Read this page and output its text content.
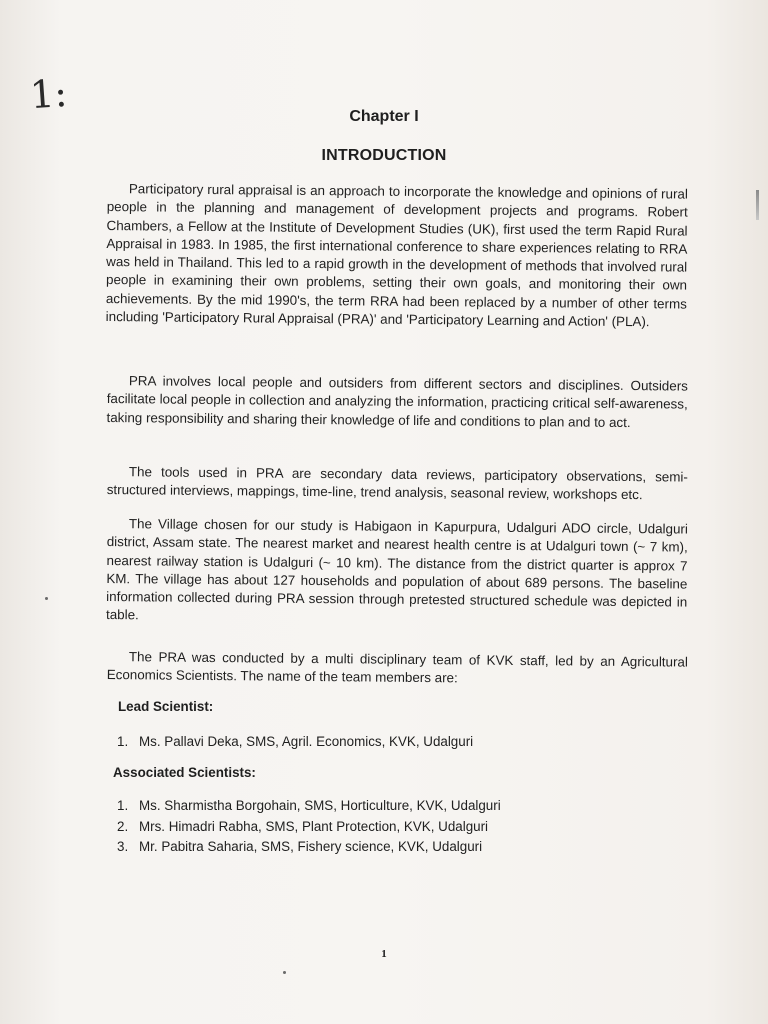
1:	Chapter I
INTRODUCTION

Participatory rural appraisal is an approach to incorporate the knowledge and opinions of rural people in the planning and management of development projects and programs. Robert Chambers, a Fellow at the Institute of Development Studies (UK), first used the term Rapid Rural Appraisal in 1983. In 1985, the first international conference to share experiences relating to RRA was held in Thailand. This led to a rapid growth in the development of methods that involved rural people in examining their own problems, setting their own goals, and monitoring their own achievements. By the mid 1990's, the term RRA had been replaced by a number of other terms including 'Participatory Rural Appraisal (PRA)' and 'Participatory Learning and Action' (PLA).

PRA involves local people and outsiders from different sectors and disciplines. Outsiders facilitate local people in collection and analyzing the information, practicing critical self-awareness, taking responsibility and sharing their knowledge of life and conditions to plan and to act.

The tools used in PRA are secondary data reviews, participatory observations, semi-structured interviews, mappings, time-line, trend analysis, seasonal review, workshops etc.

The Village chosen for our study is Habigaon in Kapurpura, Udalguri ADO circle, Udalguri district, Assam state. The nearest market and nearest health centre is at Udalguri town (~ 7 km), nearest railway station is Udalguri (~ 10 km). The distance from the district quarter is approx 7 KM. The village has about 127 households and population of about 689 persons. The baseline information collected during PRA session through pretested structured schedule was depicted in table.

The PRA was conducted by a multi disciplinary team of KVK staff, led by an Agricultural Economics Scientists. The name of the team members are:

Lead Scientist:
1. Ms. Pallavi Deka, SMS, Agril. Economics, KVK, Udalguri
Associated Scientists:
1. Ms. Sharmistha Borgohain, SMS, Horticulture, KVK, Udalguri
2. Mrs. Himadri Rabha, SMS, Plant Protection, KVK, Udalguri
3. Mr. Pabitra Saharia, SMS, Fishery science, KVK, Udalguri
1
